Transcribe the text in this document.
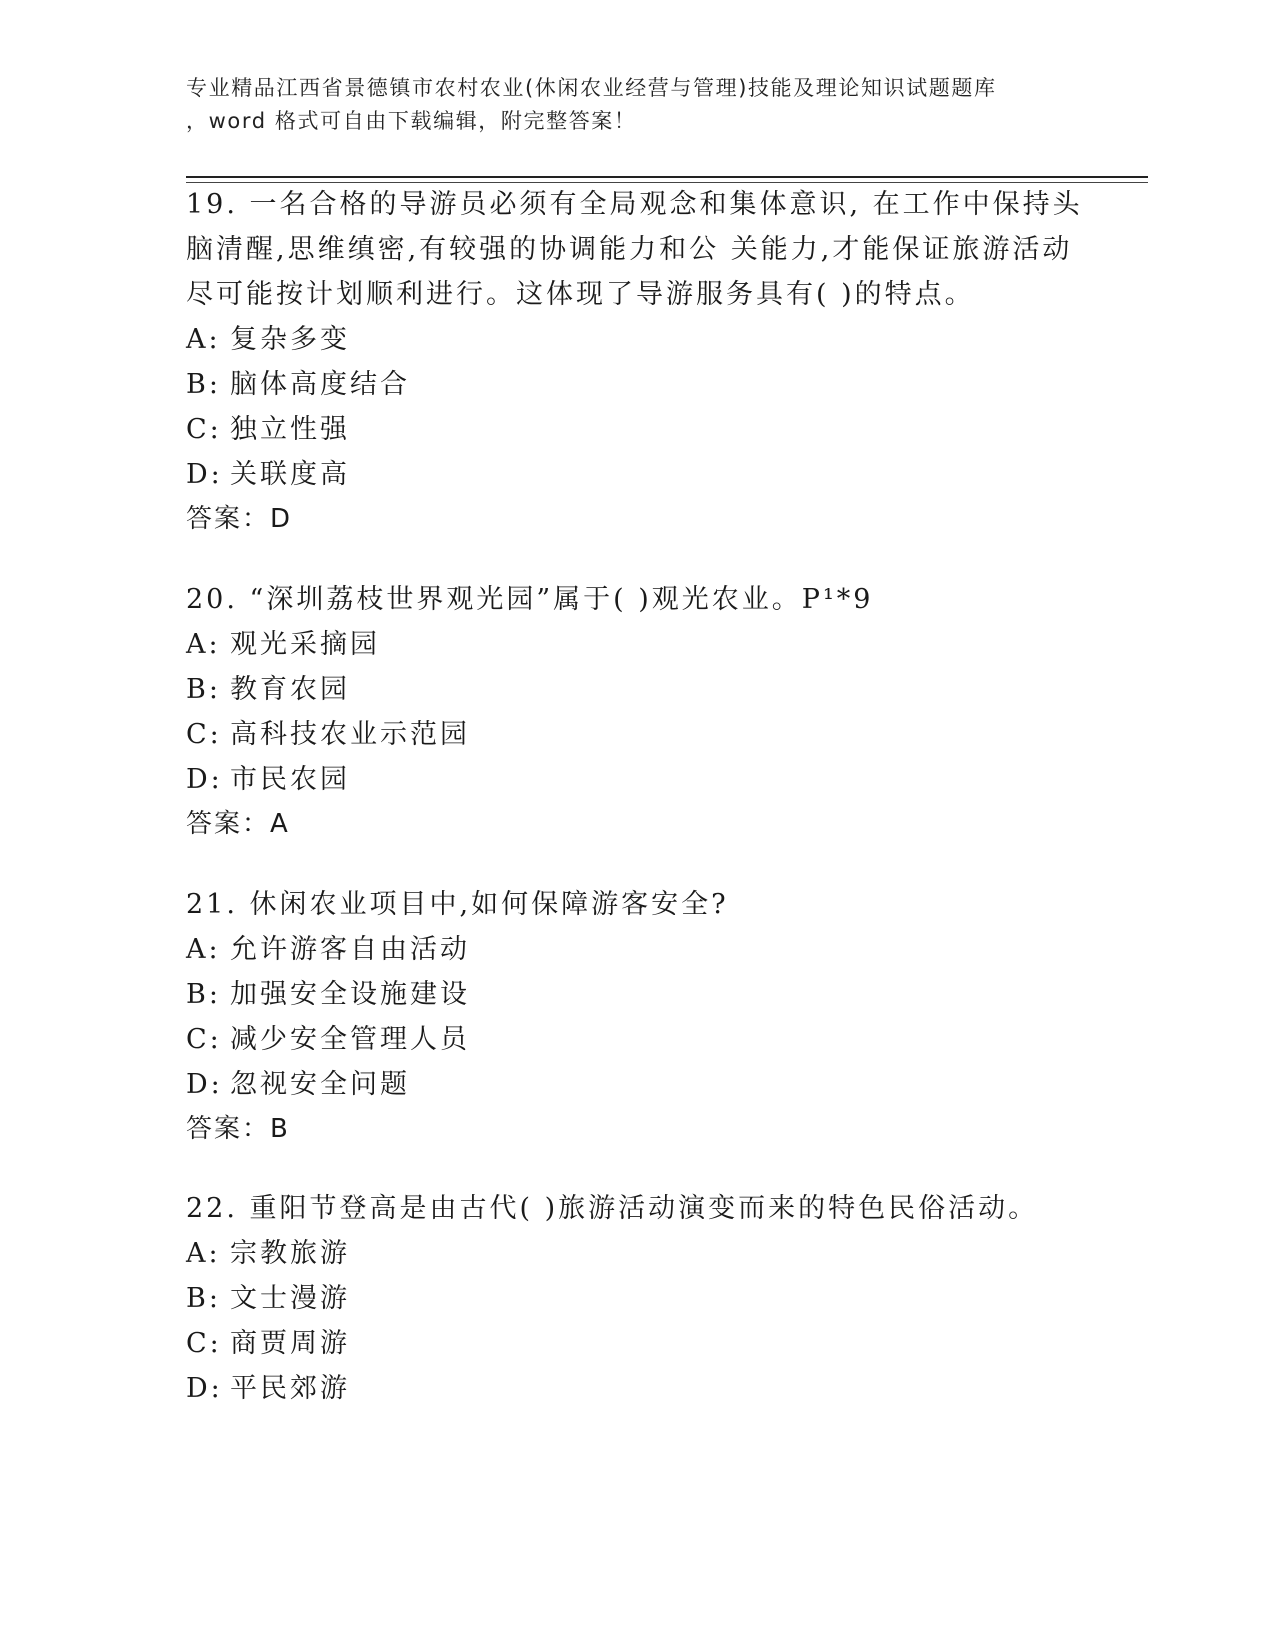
专业精品江西省景德镇市农村农业(休闲农业经营与管理)技能及理论知识试题题库
，word 格式可自由下载编辑，附完整答案！
19. 一名合格的导游员必须有全局观念和集体意识, 在工作中保持头
脑清醒,思维缜密,有较强的协调能力和公 关能力,才能保证旅游活动
尽可能按计划顺利进行。这体现了导游服务具有( )的特点。
A: 复杂多变
B: 脑体高度结合
C: 独立性强
D: 关联度高
答案：D
20. “深圳荔枝世界观光园”属于( )观光农业。P¹*9
A: 观光采摘园
B: 教育农园
C: 高科技农业示范园
D: 市民农园
答案：A
21. 休闲农业项目中,如何保障游客安全?
A: 允许游客自由活动
B: 加强安全设施建设
C: 减少安全管理人员
D: 忽视安全问题
答案：B
22. 重阳节登高是由古代( )旅游活动演变而来的特色民俗活动。
A: 宗教旅游
B: 文士漫游
C: 商贾周游
D: 平民郊游
